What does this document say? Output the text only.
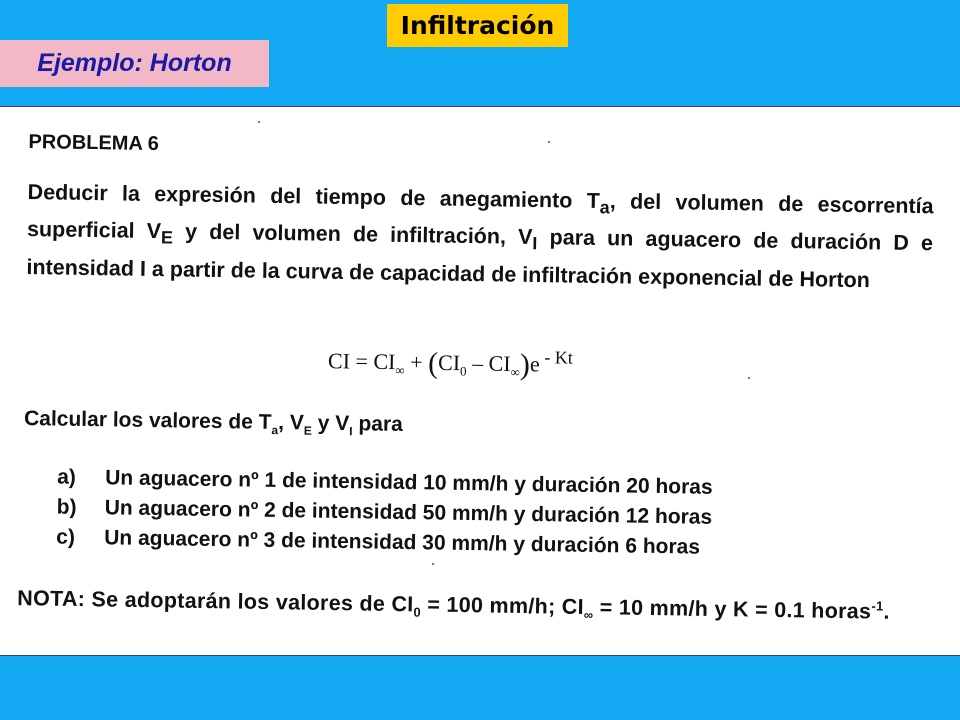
Infiltración
Ejemplo: Horton
PROBLEMA 6
Deducir la expresión del tiempo de anegamiento $T_a$, del volumen de escorrentía superficial $V_E$ y del volumen de infiltración, $V_I$ para un aguacero de duración D e intensidad I a partir de la curva de capacidad de infiltración exponencial de Horton
CI = $CI_\infty + (CI_0 - CI_\infty)e$ $^{- Kt}$
Calcular los valores de $T_a$, $V_E$ y $V_I$ para
a) Un aguacero nº 1 de intensidad 10 mm/h y duración 20 horas
b) Un aguacero nº 2 de intensidad 50 mm/h y duración 12 horas
c) Un aguacero nº 3 de intensidad 30 mm/h y duración 6 horas
NOTA: Se adoptarán los valores de $CI_0 = 100$ mm/h; $CI_\infty = 10$ mm/h y K = 0.1 horas$^{-1}$.
